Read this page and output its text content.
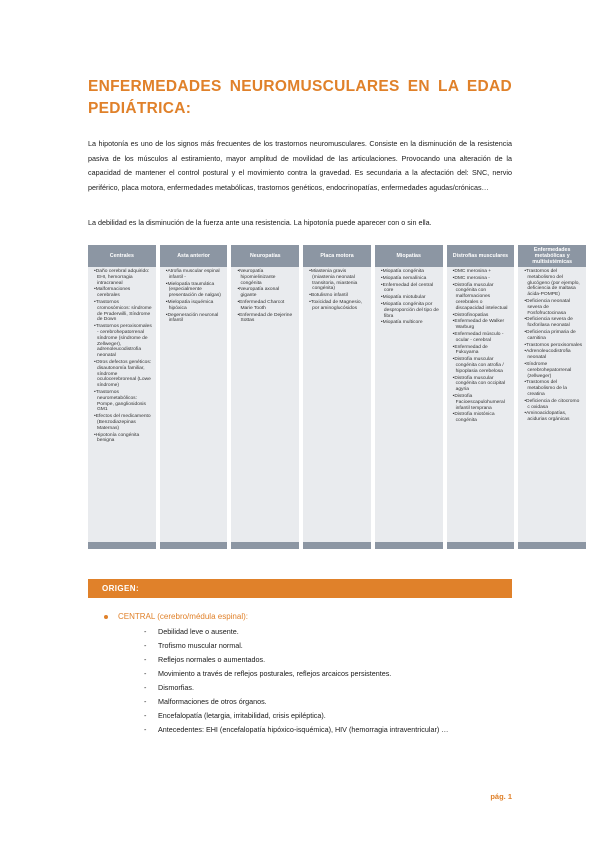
ENFERMEDADES NEUROMUSCULARES EN LA EDAD PEDIÁTRICA:

La hipotonía es uno de los signos más frecuentes de los trastornos neuromusculares. Consiste en la disminución de la resistencia pasiva de los músculos al estiramiento, mayor amplitud de movilidad de las articulaciones. Provocando una alteración de la capacidad de mantener el control postural y el movimiento contra la gravedad. Es secundaria a la afectación del: SNC, nervio periférico, placa motora, enfermedades metabólicas, trastornos genéticos, endocrinopatías, enfermedades agudas/crónicas…

La debilidad es la disminución de la fuerza ante una resistencia. La hipotonía puede aparecer con o sin ella.

Centrales
• Daño cerebral adquirido: EHI, hemorragia intracraneal
• Malformaciones cerebrales
• Trastornos cromosómicos: síndrome de Praderwilli, Síndrome de Down
• Trastornos peroxisomales - cerebrohepatorrenal síndrome (síndrome de Zellweger), adrenoleucodistrofia neonatal
• Otros defectos genéticos: disautonomía familiar, síndrome oculocerebrorenal (Lowe síndrome)
• Trastornos neurometabólicos: Pompe, gangliosidosis GM1
• Efectos del medicamento (Benzodiazepinas Maternas)
• Hipotonía congénita benigna
Asta anterior
• Atrofia muscular espinal infantil -
• Mielopatía traumática (especialmente presentación de nalgas)
• Mielopatía isquémica hipóxica
• Degeneración neuronal infantil
Neuropatías
• Neuropatía hipomielinizante congénita
• Neuropatía axonal gigante
• Enfermedad Charcot Marie Tooth
• Enfermedad de Dejerine Sottas
Placa motora
• Miastenia gravis (miastenia neonatal transitoria, miastenia congénita)
• Botulismo infantil
• Toxicidad de Magnesio, por aminoglucósidos
Miopatías
• Miopatía congénita
• Miopatía nemalínica
• Enfermedad del central core
• Miopatía miotubular
• Miopatía congénita por desproporción del tipo de fibra
• Miopatía multicore
Distrofias musculares
• DMC merosina +
• DMC merosina -
• Distrofia muscular congénita con malformaciones cerebrales o discapacidad intelectual
• Distrofinopatías
• Enfermedad de Walker Warburg
• Enfermedad músculo - ocular - cerebral
• Enfermedad de Fukuyama
• Distrofia muscular congénita con atrofia / hipoplasia cerebelosa
• Distrofia muscular congénita con occipital agyria
• Distrofia Facioescapulohumeral infantil temprana
• Distrofia miotónica congénita
Enfermedades metabólicas y multisistémicas
• Trastornos del metabolismo del glucógeno (por ejemplo, deficiencia de maltasa ácida-POMPE)
• Deficiencia neonatal severa de Fosfofructocinasa
• Deficiencia severa de foxforilasa neonatal
• Deficiencia primaria de carnitina
• Trastornos peroxisomales
• Adrenoleucodistrofia neonatal
• Síndrome cerebrohepatorrenal (zellweger)
• Trastornos del metabolismo de la creatina
• Deficiencia de citocromo c oxidasa
• Aminoacidopatías, acidurias orgánicas
ORIGEN:
CENTRAL (cerebro/médula espinal):
- Debilidad leve o ausente.
- Trofismo muscular normal.
- Reflejos normales o aumentados.
- Movimiento a través de reflejos posturales, reflejos arcaicos persistentes.
- Dismorfias.
- Malformaciones de otros órganos.
- Encefalopatía (letargia, irritabilidad, crisis epiléptica).
- Antecedentes: EHI (encefalopatía hipóxico-isquémica), HIV (hemorragia intraventricular) …
pág. 1
